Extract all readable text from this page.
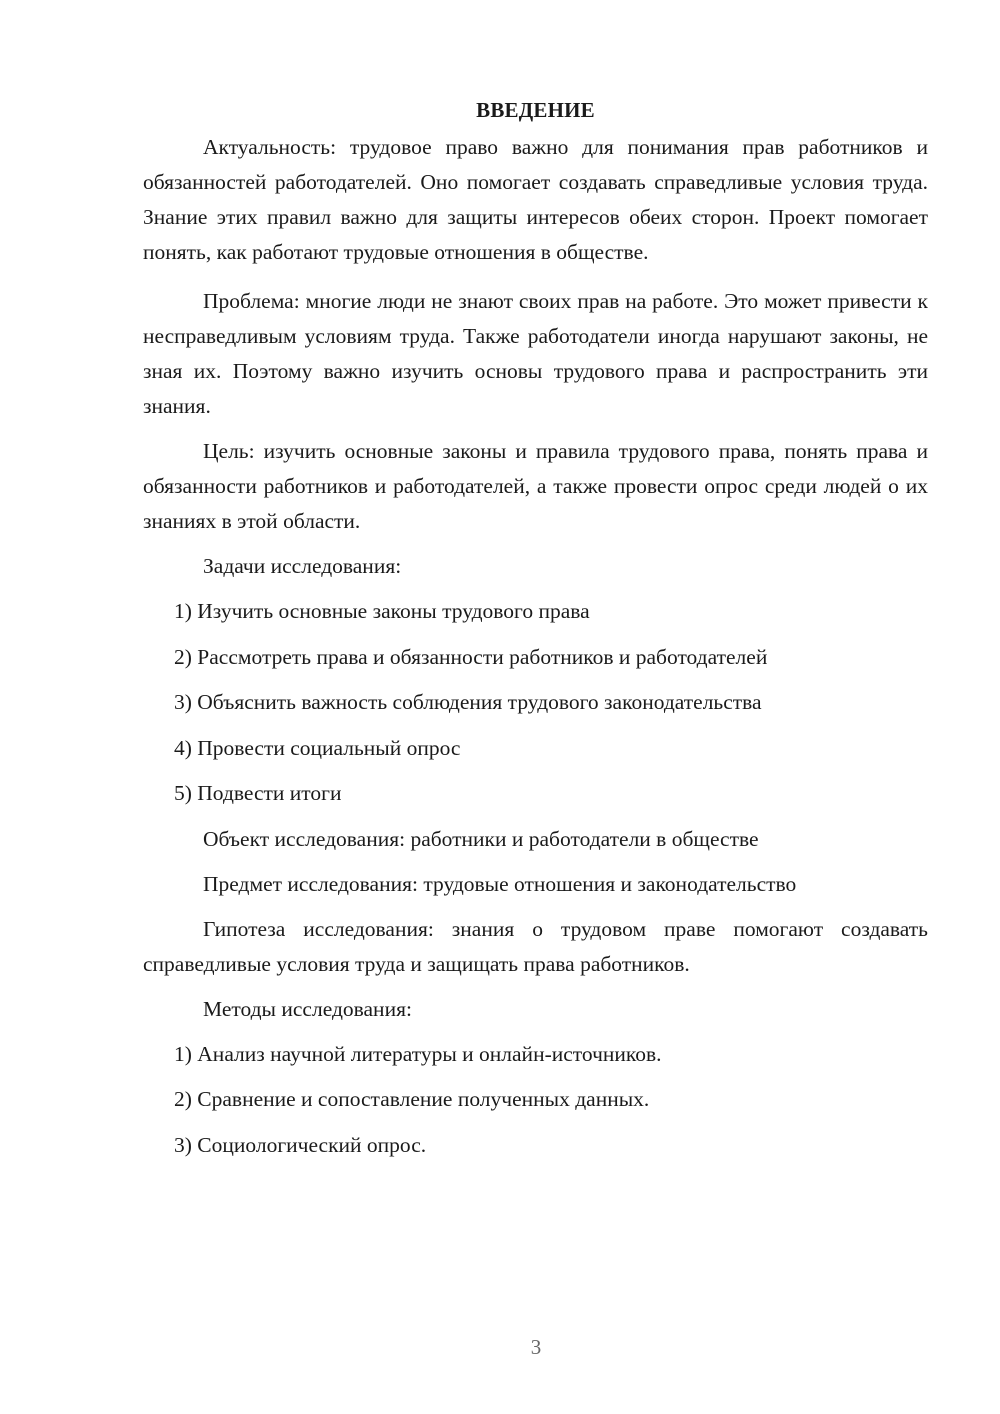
ВВЕДЕНИЕ

Актуальность: трудовое право важно для понимания прав работников и обязанностей работодателей. Оно помогает создавать справедливые условия труда. Знание этих правил важно для защиты интересов обеих сторон. Проект помогает понять, как работают трудовые отношения в обществе.

Проблема: многие люди не знают своих прав на работе. Это может привести к несправедливым условиям труда. Также работодатели иногда нарушают законы, не зная их. Поэтому важно изучить основы трудового права и распространить эти знания.

Цель: изучить основные законы и правила трудового права, понять права и обязанности работников и работодателей, а также провести опрос среди людей о их знаниях в этой области.

Задачи исследования:

1) Изучить основные законы трудового права

2) Рассмотреть права и обязанности работников и работодателей

3) Объяснить важность соблюдения трудового законодательства

4) Провести социальный опрос

5) Подвести итоги

Объект исследования: работники и работодатели в обществе

Предмет исследования: трудовые отношения и законодательство

Гипотеза исследования: знания о трудовом праве помогают создавать справедливые условия труда и защищать права работников.

Методы исследования:

1) Анализ научной литературы и онлайн-источников.

2) Сравнение и сопоставление полученных данных.

3) Социологический опрос.

3
